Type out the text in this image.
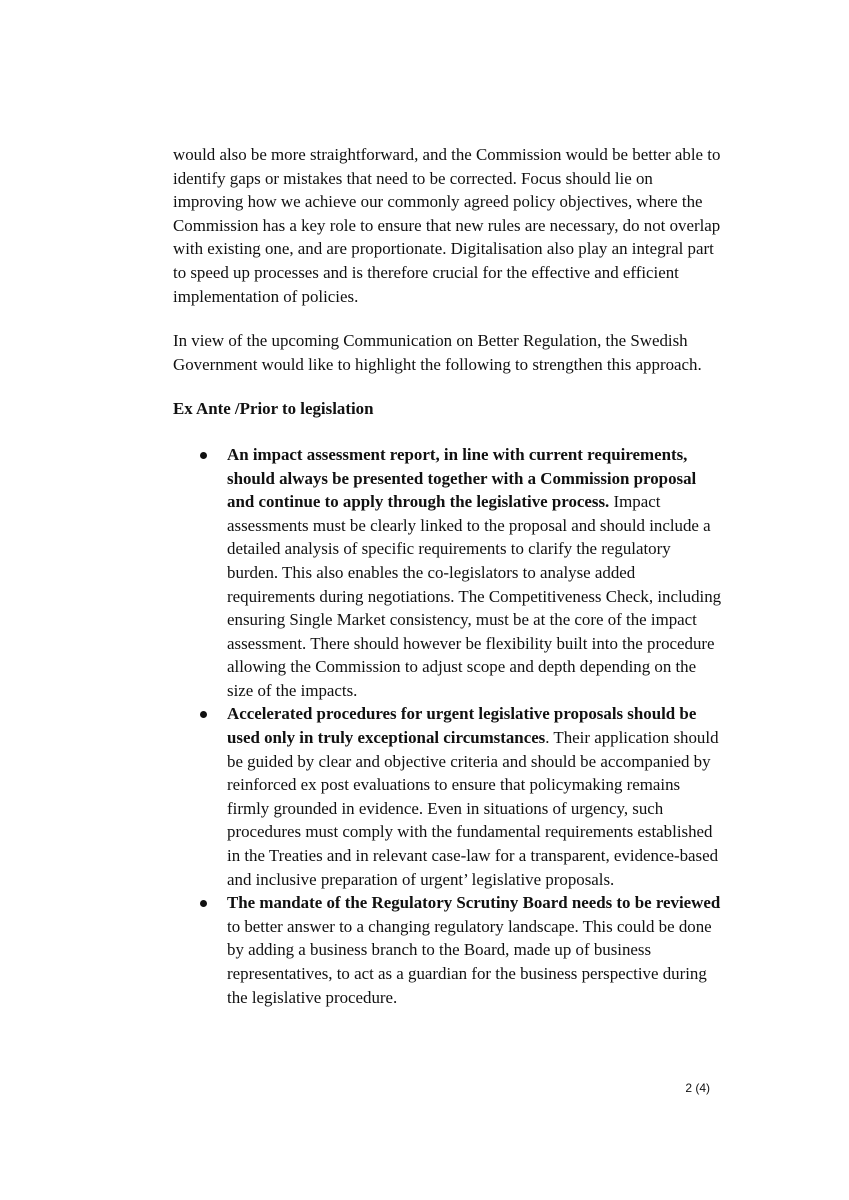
would also be more straightforward, and the Commission would be better able to identify gaps or mistakes that need to be corrected. Focus should lie on improving how we achieve our commonly agreed policy objectives, where the Commission has a key role to ensure that new rules are necessary, do not overlap with existing one, and are proportionate. Digitalisation also play an integral part to speed up processes and is therefore crucial for the effective and efficient implementation of policies.

In view of the upcoming Communication on Better Regulation, the Swedish Government would like to highlight the following to strengthen this approach.

Ex Ante /Prior to legislation

An impact assessment report, in line with current requirements, should always be presented together with a Commission proposal and continue to apply through the legislative process. Impact assessments must be clearly linked to the proposal and should include a detailed analysis of specific requirements to clarify the regulatory burden. This also enables the co-legislators to analyse added requirements during negotiations. The Competitiveness Check, including ensuring Single Market consistency, must be at the core of the impact assessment. There should however be flexibility built into the procedure allowing the Commission to adjust scope and depth depending on the size of the impacts.
Accelerated procedures for urgent legislative proposals should be used only in truly exceptional circumstances. Their application should be guided by clear and objective criteria and should be accompanied by reinforced ex post evaluations to ensure that policymaking remains firmly grounded in evidence. Even in situations of urgency, such procedures must comply with the fundamental requirements established in the Treaties and in relevant case-law for a transparent, evidence-based and inclusive preparation of urgent’ legislative proposals.
The mandate of the Regulatory Scrutiny Board needs to be reviewed to better answer to a changing regulatory landscape. This could be done by adding a business branch to the Board, made up of business representatives, to act as a guardian for the business perspective during the legislative procedure.
2 (4)
